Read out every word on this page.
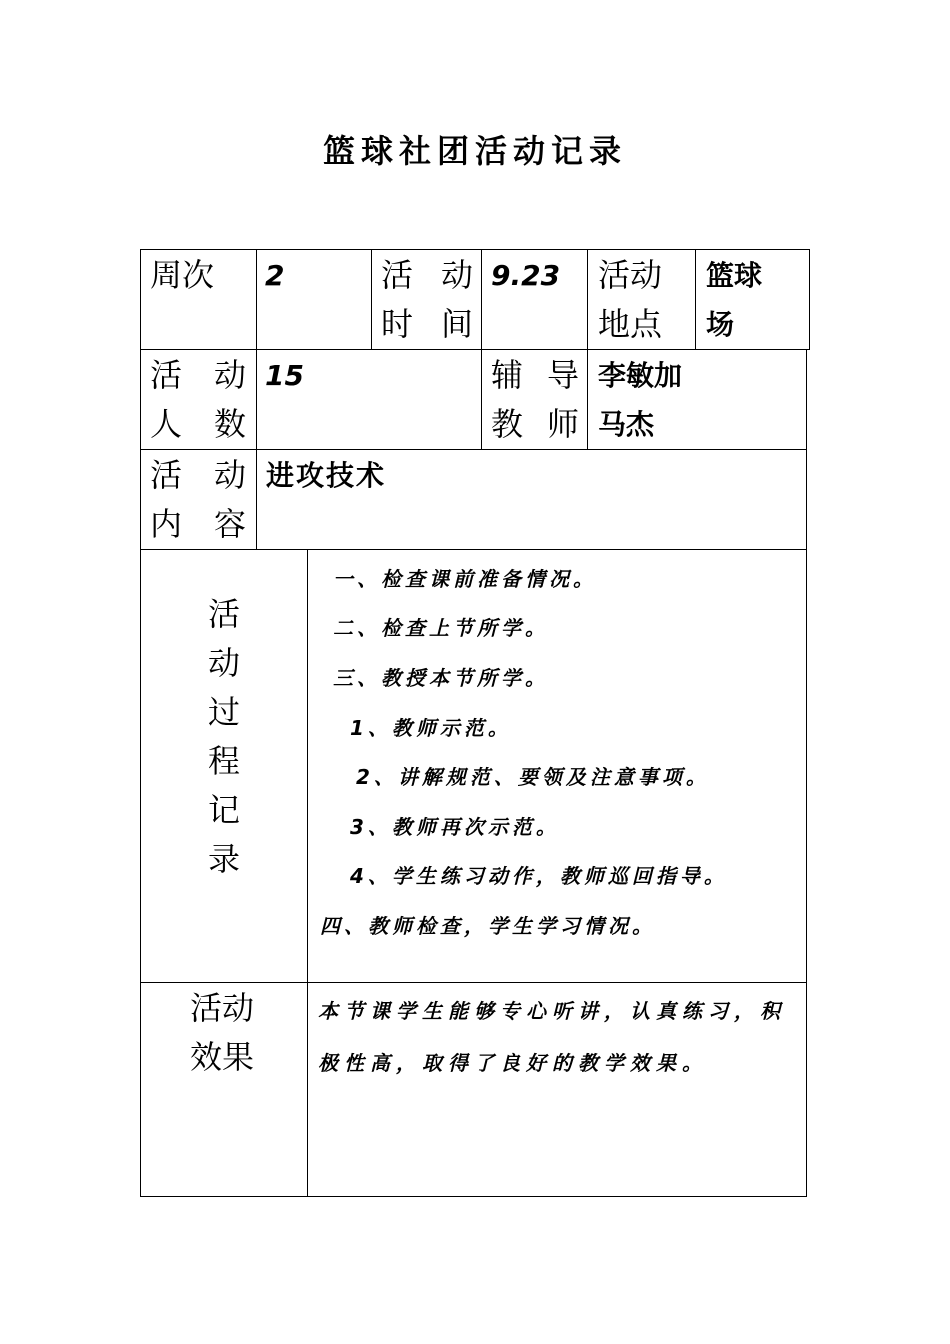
篮球社团活动记录
周次 2	活 动
时 间
9.23 活动
地点
篮球
场
活 动
人 数
15	辅 导
教 师
李敏加
马杰
活 动
内 容
进攻技术
活
动
过
程
记
录
一、检查课前准备情况。
二、检查上节所学。
三、教授本节所学。
1、教师示范。
2、讲解规范、要领及注意事项。
3、教师再次示范。
4、学生练习动作，教师巡回指导。
四、教师检查，学生学习情况。
活动
效果
本节课学生能够专心听讲，认真练习，积极性高，取得了良好的教学效果。
